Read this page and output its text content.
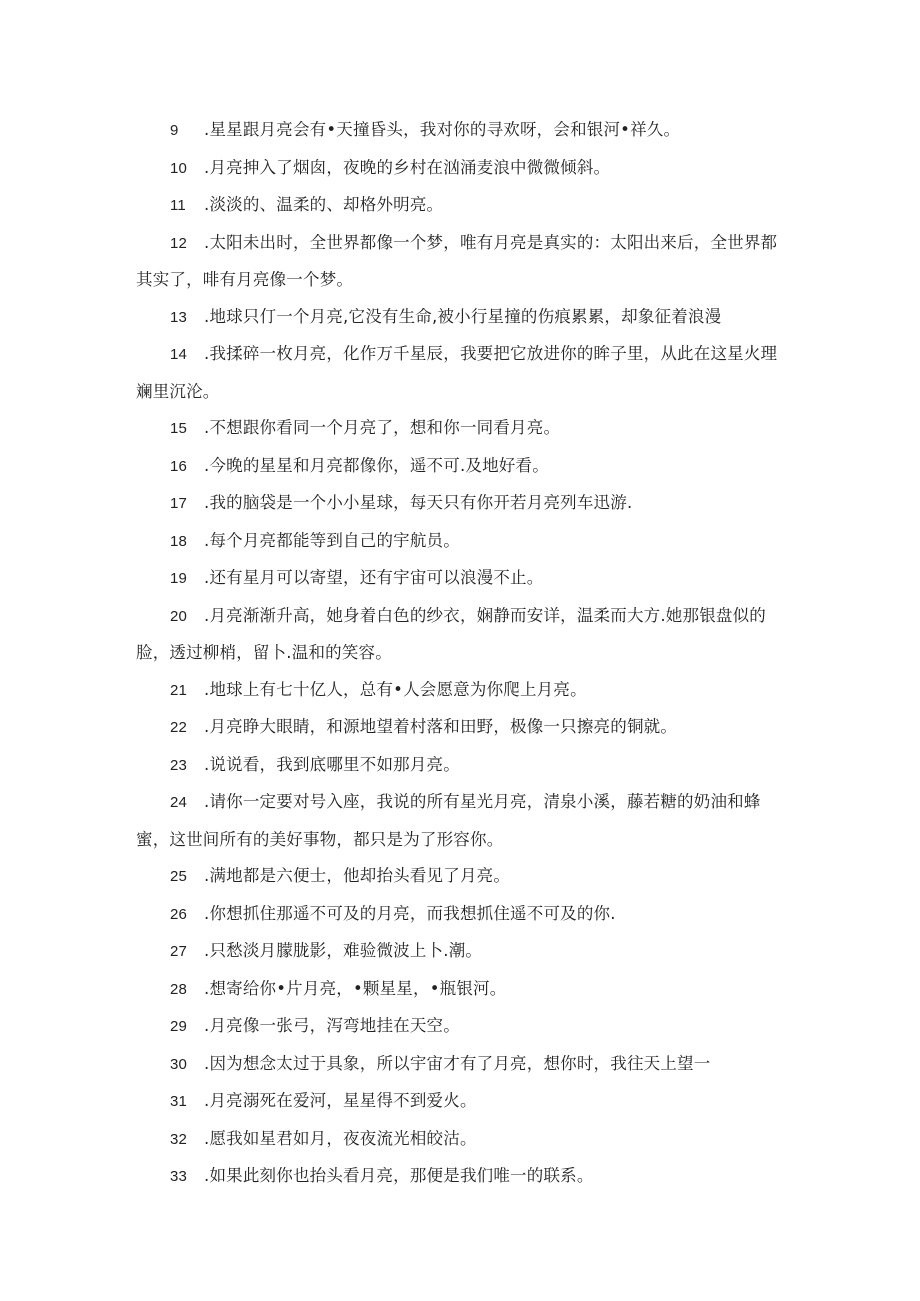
9 .星星跟月亮会有•天撞昏头，我对你的寻欢呀，会和银河•祥久。

10 .月亮抻入了烟囱，夜晚的乡村在汹涌麦浪中微微倾斜。

11 .淡淡的、温柔的、却格外明亮。

12 .太阳未出时，全世界都像一个梦，唯有月亮是真实的：太阳出来后，全世界都其实了，啡有月亮像一个梦。

13 .地球只仃一个月亮,它没有生命,被小行星撞的伤痕累累，却象征着浪漫

14 .我揉碎一枚月亮，化作万千星辰，我要把它放进你的眸子里，从此在这星火理斓里沉沦。

15 .不想跟你看同一个月亮了，想和你一同看月亮。

16 .今晚的星星和月亮都像你，遥不可.及地好看。

17 .我的脑袋是一个小小星球，每天只有你开若月亮列车迅游.

18 .每个月亮都能等到自己的宇航员。

19 .还有星月可以寄望，还有宇宙可以浪漫不止。

20 .月亮渐渐升高，她身着白色的纱衣，娴静而安详，温柔而大方.她那银盘似的脸，透过柳梢，留卜.温和的笑容。

21 .地球上有七十亿人，总有•人会愿意为你爬上月亮。

22 .月亮睁大眼睛，和源地望着村落和田野，极像一只擦亮的铜就。

23 .说说看，我到底哪里不如那月亮。

24 .请你一定要对号入座，我说的所有星光月亮，清泉小溪，藤若糖的奶油和蜂蜜，这世间所有的美好事物，都只是为了形容你。

25 .满地都是六便士，他却抬头看见了月亮。

26 .你想抓住那遥不可及的月亮，而我想抓住遥不可及的你.

27 .只愁淡月朦胧影，难验微波上卜.潮。

28 .想寄给你•片月亮，•颗星星，•瓶银河。

29 .月亮像一张弓，泻弯地挂在天空。

30 .因为想念太过于具象，所以宇宙才有了月亮，想你时，我往天上望一

31 .月亮溺死在爱河，星星得不到爱火。

32 .愿我如星君如月，夜夜流光相皎沽。

33 .如果此刻你也抬头看月亮，那便是我们唯一的联系。
